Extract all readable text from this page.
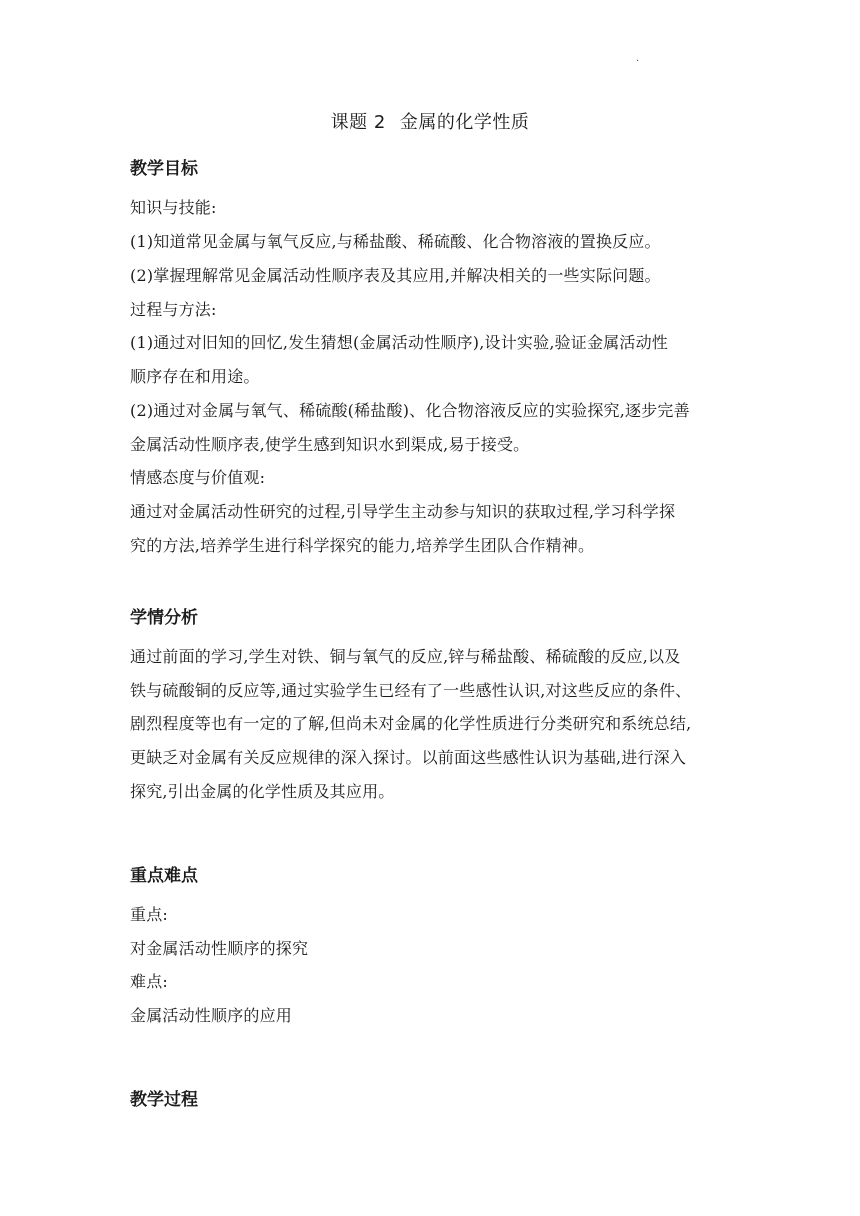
·
课题 2 金属的化学性质
教学目标
知识与技能:
(1)知道常见金属与氧气反应,与稀盐酸、稀硫酸、化合物溶液的置换反应。
(2)掌握理解常见金属活动性顺序表及其应用,并解决相关的一些实际问题。
过程与方法:
(1)通过对旧知的回忆,发生猜想(金属活动性顺序),设计实验,验证金属活动性
顺序存在和用途。
(2)通过对金属与氧气、稀硫酸(稀盐酸)、化合物溶液反应的实验探究,逐步完善
金属活动性顺序表,使学生感到知识水到渠成,易于接受。
情感态度与价值观:
通过对金属活动性研究的过程,引导学生主动参与知识的获取过程,学习科学探
究的方法,培养学生进行科学探究的能力,培养学生团队合作精神。
学情分析
通过前面的学习,学生对铁、铜与氧气的反应,锌与稀盐酸、稀硫酸的反应,以及
铁与硫酸铜的反应等,通过实验学生已经有了一些感性认识,对这些反应的条件、
剧烈程度等也有一定的了解,但尚未对金属的化学性质进行分类研究和系统总结,
更缺乏对金属有关反应规律的深入探讨。以前面这些感性认识为基础,进行深入
探究,引出金属的化学性质及其应用。
重点难点
重点:
对金属活动性顺序的探究
难点:
金属活动性顺序的应用
教学过程
